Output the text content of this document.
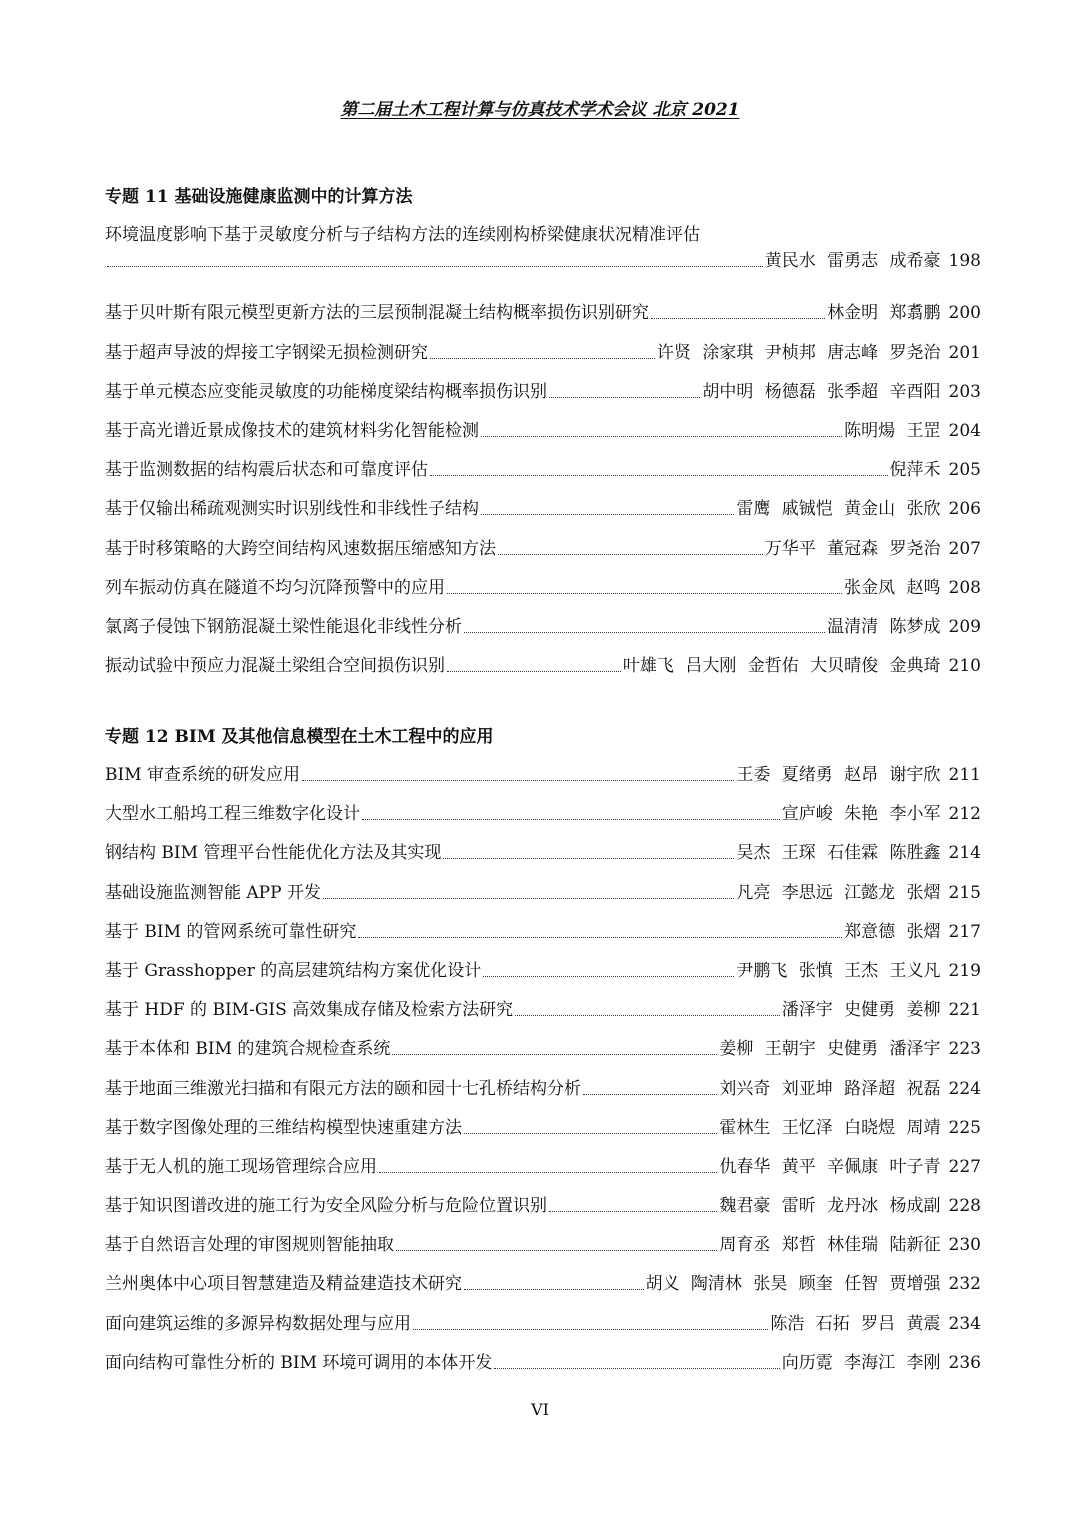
第二届土木工程计算与仿真技术学术会议 北京 2021
专题 11 基础设施健康监测中的计算方法
环境温度影响下基于灵敏度分析与子结构方法的连续刚构桥梁健康状况精准评估
黄民水 雷勇志 成希豪 198
基于贝叶斯有限元模型更新方法的三层预制混凝土结构概率损伤识别研究	林金明 郑翥鹏 200
基于超声导波的焊接工字钢梁无损检测研究	许贤 涂家琪 尹桢邦 唐志峰 罗尧治 201
基于单元模态应变能灵敏度的功能梯度梁结构概率损伤识别	胡中明 杨德磊 张季超 辛酉阳 203
基于高光谱近景成像技术的建筑材料劣化智能检测	陈明煬 王罡 204
基于监测数据的结构震后状态和可靠度评估	倪萍禾 205
基于仅输出稀疏观测实时识别线性和非线性子结构	雷鹰 戚铖恺 黄金山 张欣 206
基于时移策略的大跨空间结构风速数据压缩感知方法	万华平 董冠森 罗尧治 207
列车振动仿真在隧道不均匀沉降预警中的应用	张金凤 赵鸣 208
氯离子侵蚀下钢筋混凝土梁性能退化非线性分析	温清清 陈梦成 209
振动试验中预应力混凝土梁组合空间损伤识别	叶雄飞 吕大刚 金哲佑 大贝晴俊 金典琦 210
专题 12 BIM 及其他信息模型在土木工程中的应用
BIM 审查系统的研发应用	王委 夏绪勇 赵昂 谢宇欣 211
大型水工船坞工程三维数字化设计	宣庐峻 朱艳 李小军 212
钢结构 BIM 管理平台性能优化方法及其实现	吴杰 王琛 石佳霖 陈胜鑫 214
基础设施监测智能 APP 开发	凡亮 李思远 江懿龙 张熠 215
基于 BIM 的管网系统可靠性研究	郑意德 张熠 217
基于 Grasshopper 的高层建筑结构方案优化设计	尹鹏飞 张慎 王杰 王义凡 219
基于 HDF 的 BIM-GIS 高效集成存储及检索方法研究	潘泽宇 史健勇 姜柳 221
基于本体和 BIM 的建筑合规检查系统	姜柳 王朝宇 史健勇 潘泽宇 223
基于地面三维激光扫描和有限元方法的颐和园十七孔桥结构分析	刘兴奇 刘亚坤 路泽超 祝磊 224
基于数字图像处理的三维结构模型快速重建方法	霍林生 王忆泽 白晓煜 周靖 225
基于无人机的施工现场管理综合应用	仇春华 黄平 辛佩康 叶子青 227
基于知识图谱改进的施工行为安全风险分析与危险位置识别	魏君豪 雷昕 龙丹冰 杨成副 228
基于自然语言处理的审图规则智能抽取	周育丞 郑哲 林佳瑞 陆新征 230
兰州奥体中心项目智慧建造及精益建造技术研究	胡义 陶清林 张昊 顾奎 任智 贾增强 232
面向建筑运维的多源异构数据处理与应用	陈浩 石拓 罗吕 黄震 234
面向结构可靠性分析的 BIM 环境可调用的本体开发	向历霓 李海江 李刚 236
VI
